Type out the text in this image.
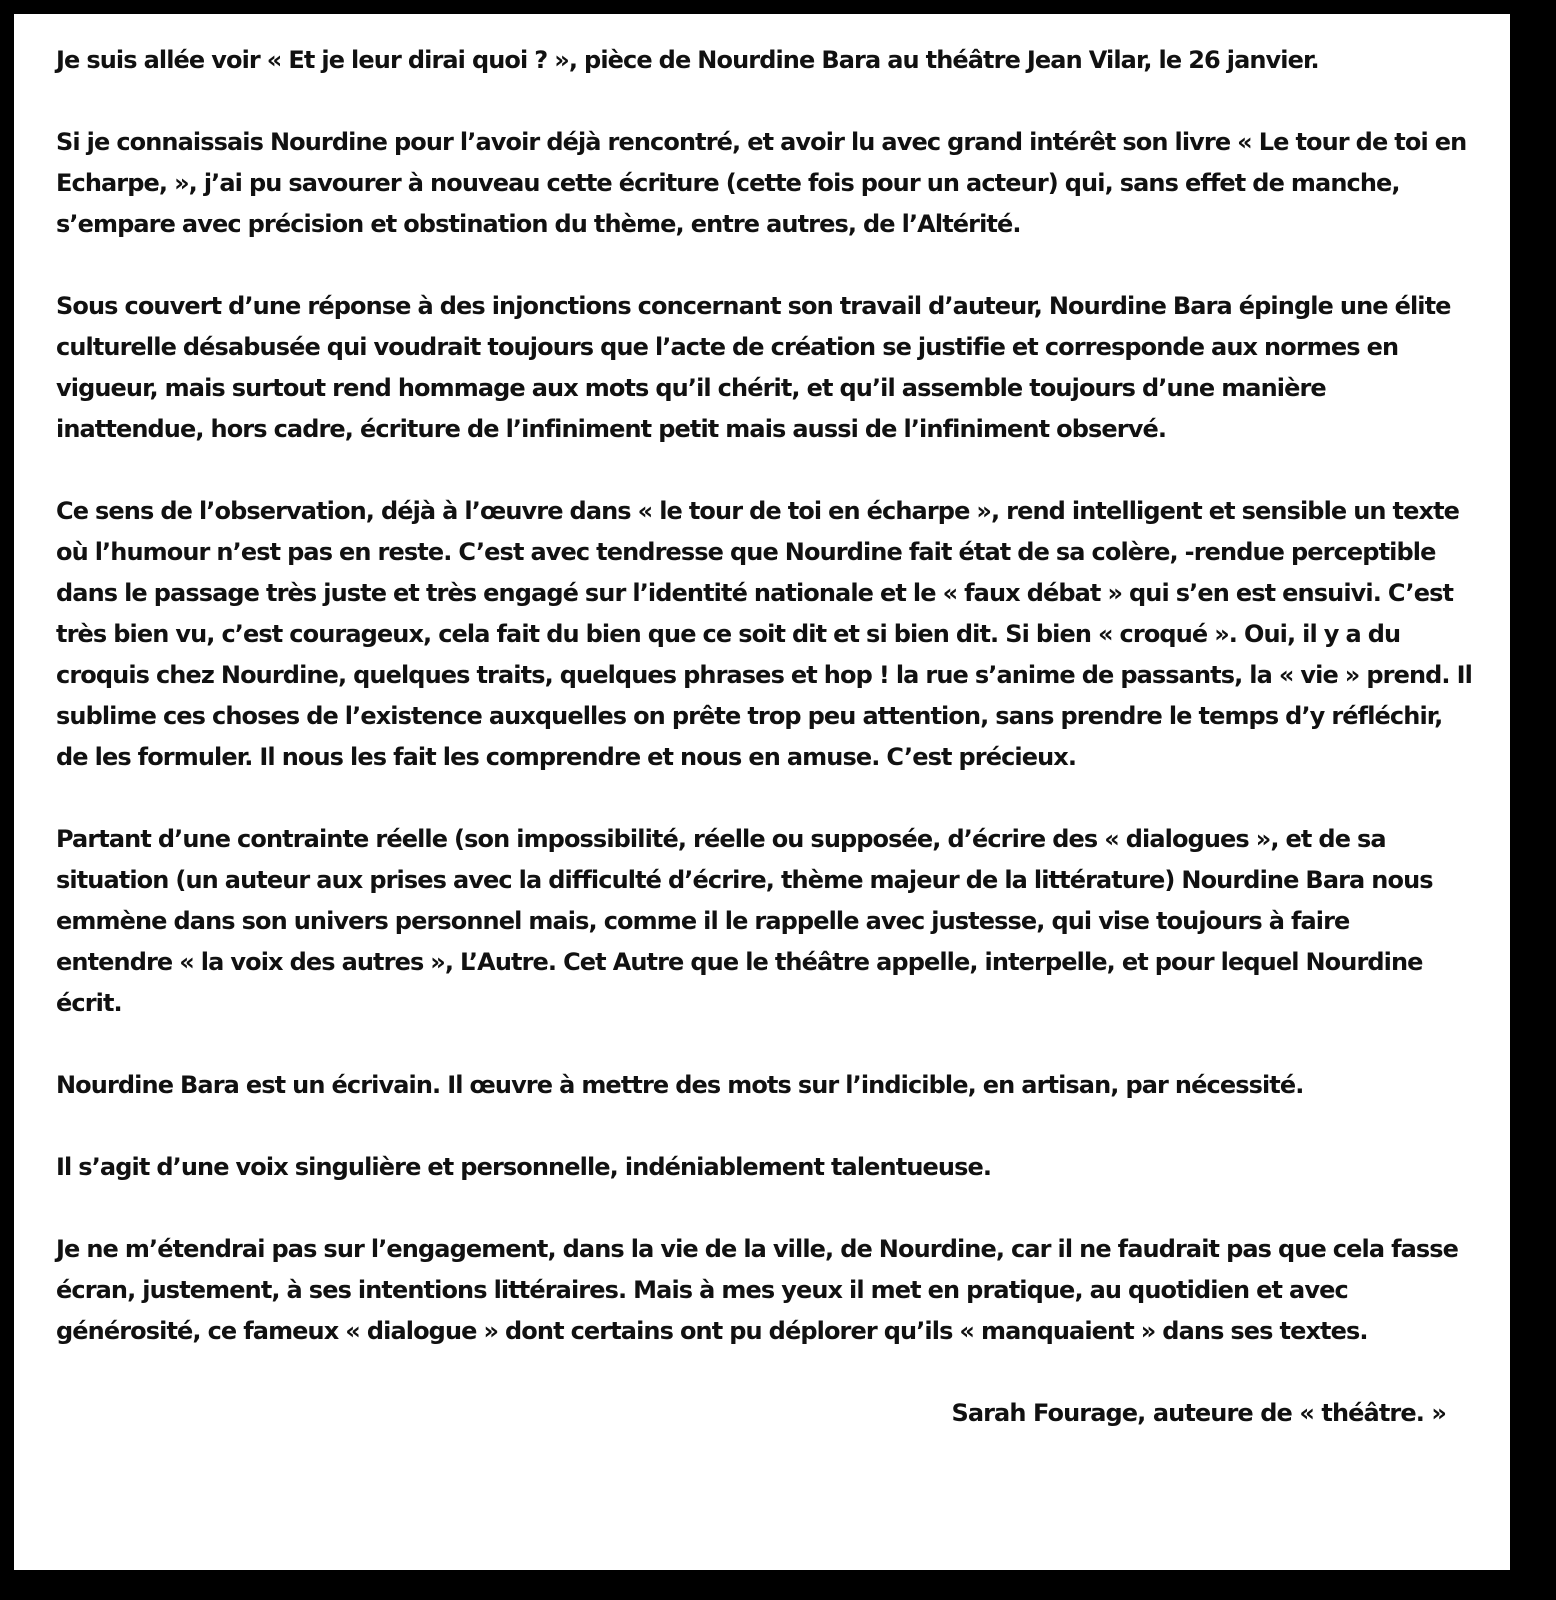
Je suis allée voir « Et je leur dirai quoi ? », pièce de Nourdine Bara au théâtre Jean Vilar, le 26 janvier.

Si je connaissais Nourdine pour l’avoir déjà rencontré, et avoir lu avec grand intérêt son livre « Le tour de toi en Echarpe, », j’ai pu savourer à nouveau cette écriture (cette fois pour un acteur) qui, sans effet de manche, s’empare avec précision et obstination du thème, entre autres, de l’Altérité.

Sous couvert d’une réponse à des injonctions concernant son travail d’auteur, Nourdine Bara épingle une élite culturelle désabusée qui voudrait toujours que l’acte de création se justifie et corresponde aux normes en vigueur, mais surtout rend hommage aux mots qu’il chérit, et qu’il assemble toujours d’une manière inattendue, hors cadre, écriture de l’infiniment petit mais aussi de l’infiniment observé.

Ce sens de l’observation, déjà à l’œuvre dans « le tour de toi en écharpe », rend intelligent et sensible un texte où l’humour n’est pas en reste. C’est avec tendresse que Nourdine fait état de sa colère, -rendue perceptible dans le passage très juste et très engagé sur l’identité nationale et le « faux débat » qui s’en est ensuivi. C’est très bien vu, c’est courageux, cela fait du bien que ce soit dit et si bien dit. Si bien « croqué ». Oui, il y a du croquis chez Nourdine, quelques traits, quelques phrases et hop ! la rue s’anime de passants, la « vie » prend. Il sublime ces choses de l’existence auxquelles on prête trop peu attention, sans prendre le temps d’y réfléchir, de les formuler. Il nous les fait les comprendre et nous en amuse. C’est précieux.

Partant d’une contrainte réelle (son impossibilité, réelle ou supposée, d’écrire des « dialogues », et de sa situation (un auteur aux prises avec la difficulté d’écrire, thème majeur de la littérature) Nourdine Bara nous emmène dans son univers personnel mais, comme il le rappelle avec justesse, qui vise toujours à faire entendre « la voix des autres », L’Autre. Cet Autre que le théâtre appelle, interpelle, et pour lequel Nourdine écrit.

Nourdine Bara est un écrivain. Il œuvre à mettre des mots sur l’indicible, en artisan, par nécessité.

Il s’agit d’une voix singulière et personnelle, indéniablement talentueuse.

Je ne m’étendrai pas sur l’engagement, dans la vie de la ville, de Nourdine, car il ne faudrait pas que cela fasse écran, justement, à ses intentions littéraires. Mais à mes yeux il met en pratique, au quotidien et avec générosité, ce fameux « dialogue » dont certains ont pu déplorer qu’ils « manquaient » dans ses textes.

Sarah Fourage, auteure de « théâtre. »
